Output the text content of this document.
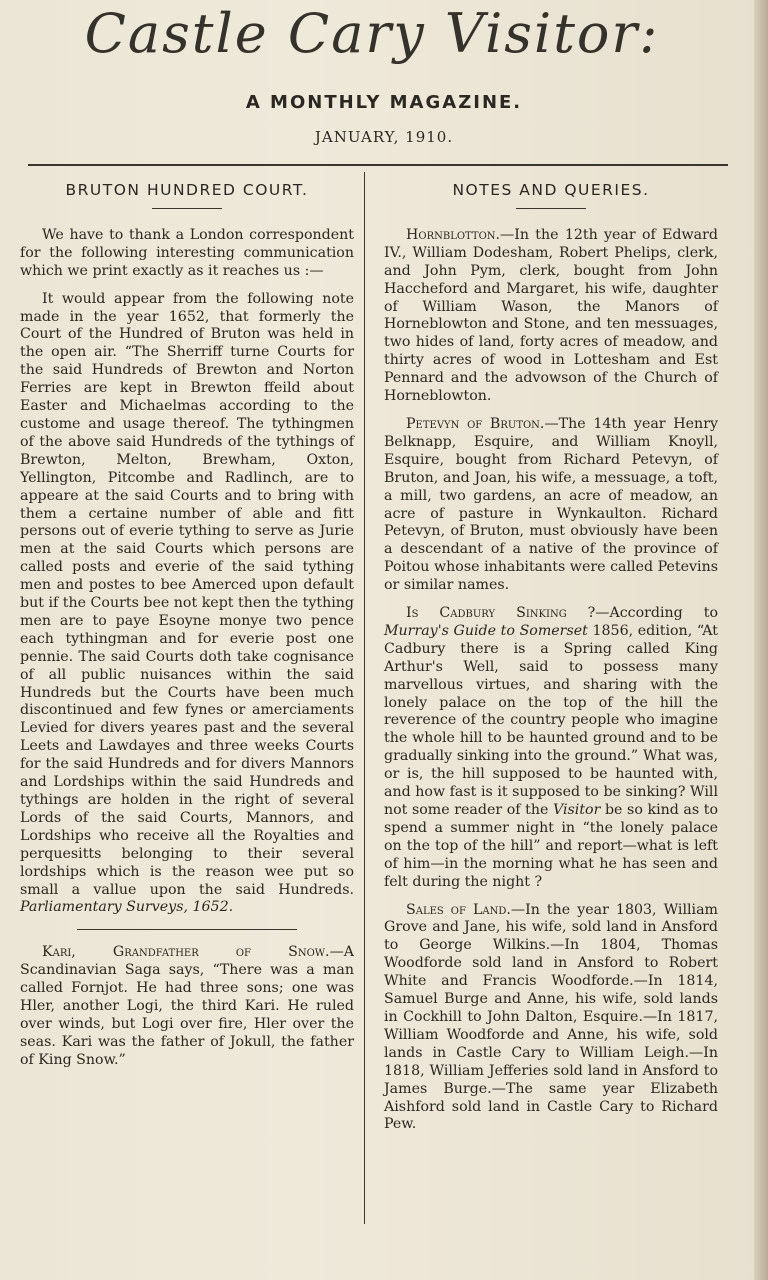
Castle Cary Visitor:
A MONTHLY MAGAZINE.
JANUARY, 1910.
BRUTON HUNDRED COURT.

We have to thank a London correspondent for the following interesting communication which we print exactly as it reaches us :—

It would appear from the following note made in the year 1652, that formerly the Court of the Hundred of Bruton was held in the open air. “The Sherriff turne Courts for the said Hundreds of Brewton and Norton Ferries are kept in Brewton ffeild about Easter and Michaelmas according to the custome and usage thereof. The tythingmen of the above said Hundreds of the tythings of Brewton, Melton, Brewham, Oxton, Yellington, Pitcombe and Radlinch, are to appeare at the said Courts and to bring with them a certaine number of able and fitt persons out of everie tything to serve as Jurie men at the said Courts which persons are called posts and everie of the said tything men and postes to bee Amerced upon default but if the Courts bee not kept then the tything men are to paye Esoyne monye two pence each tythingman and for everie post one pennie. The said Courts doth take cognisance of all public nuisances within the said Hundreds but the Courts have been much discontinued and few fynes or amerciaments Levied for divers yeares past and the several Leets and Lawdayes and three weeks Courts for the said Hundreds and for divers Mannors and Lordships within the said Hundreds and tythings are holden in the right of several Lords of the said Courts, Mannors, and Lordships who receive all the Royalties and perquesitts belonging to their several lordships which is the reason wee put so small a vallue upon the said Hundreds. Parliamentary Surveys, 1652.

Kari, Grandfather of Snow.—A Scandinavian Saga says, “There was a man called Fornjot. He had three sons; one was Hler, another Logi, the third Kari. He ruled over winds, but Logi over fire, Hler over the seas. Kari was the father of Jokull, the father of King Snow.”

NOTES AND QUERIES.

Hornblotton.—In the 12th year of Edward IV., William Dodesham, Robert Phelips, clerk, and John Pym, clerk, bought from John Haccheford and Margaret, his wife, daughter of William Wason, the Manors of Horneblowton and Stone, and ten messuages, two hides of land, forty acres of meadow, and thirty acres of wood in Lottesham and Est Pennard and the advowson of the Church of Horneblowton.

Petevyn of Bruton.—The 14th year Henry Belknapp, Esquire, and William Knoyll, Esquire, bought from Richard Petevyn, of Bruton, and Joan, his wife, a messuage, a toft, a mill, two gardens, an acre of meadow, an acre of pasture in Wynkaulton. Richard Petevyn, of Bruton, must obviously have been a descendant of a native of the province of Poitou whose inhabitants were called Petevins or similar names.

Is Cadbury Sinking ?—According to Murray's Guide to Somerset 1856, edition, “At Cadbury there is a Spring called King Arthur's Well, said to possess many marvellous virtues, and sharing with the lonely palace on the top of the hill the reverence of the country people who imagine the whole hill to be haunted ground and to be gradually sinking into the ground.” What was, or is, the hill supposed to be haunted with, and how fast is it supposed to be sinking? Will not some reader of the Visitor be so kind as to spend a summer night in “the lonely palace on the top of the hill” and report—what is left of him—in the morning what he has seen and felt during the night ?

Sales of Land.—In the year 1803, William Grove and Jane, his wife, sold land in Ansford to George Wilkins.—In 1804, Thomas Woodforde sold land in Ansford to Robert White and Francis Woodforde.—In 1814, Samuel Burge and Anne, his wife, sold lands in Cockhill to John Dalton, Esquire.—In 1817, William Woodforde and Anne, his wife, sold lands in Castle Cary to William Leigh.—In 1818, William Jefferies sold land in Ansford to James Burge.—The same year Elizabeth Aishford sold land in Castle Cary to Richard Pew.
